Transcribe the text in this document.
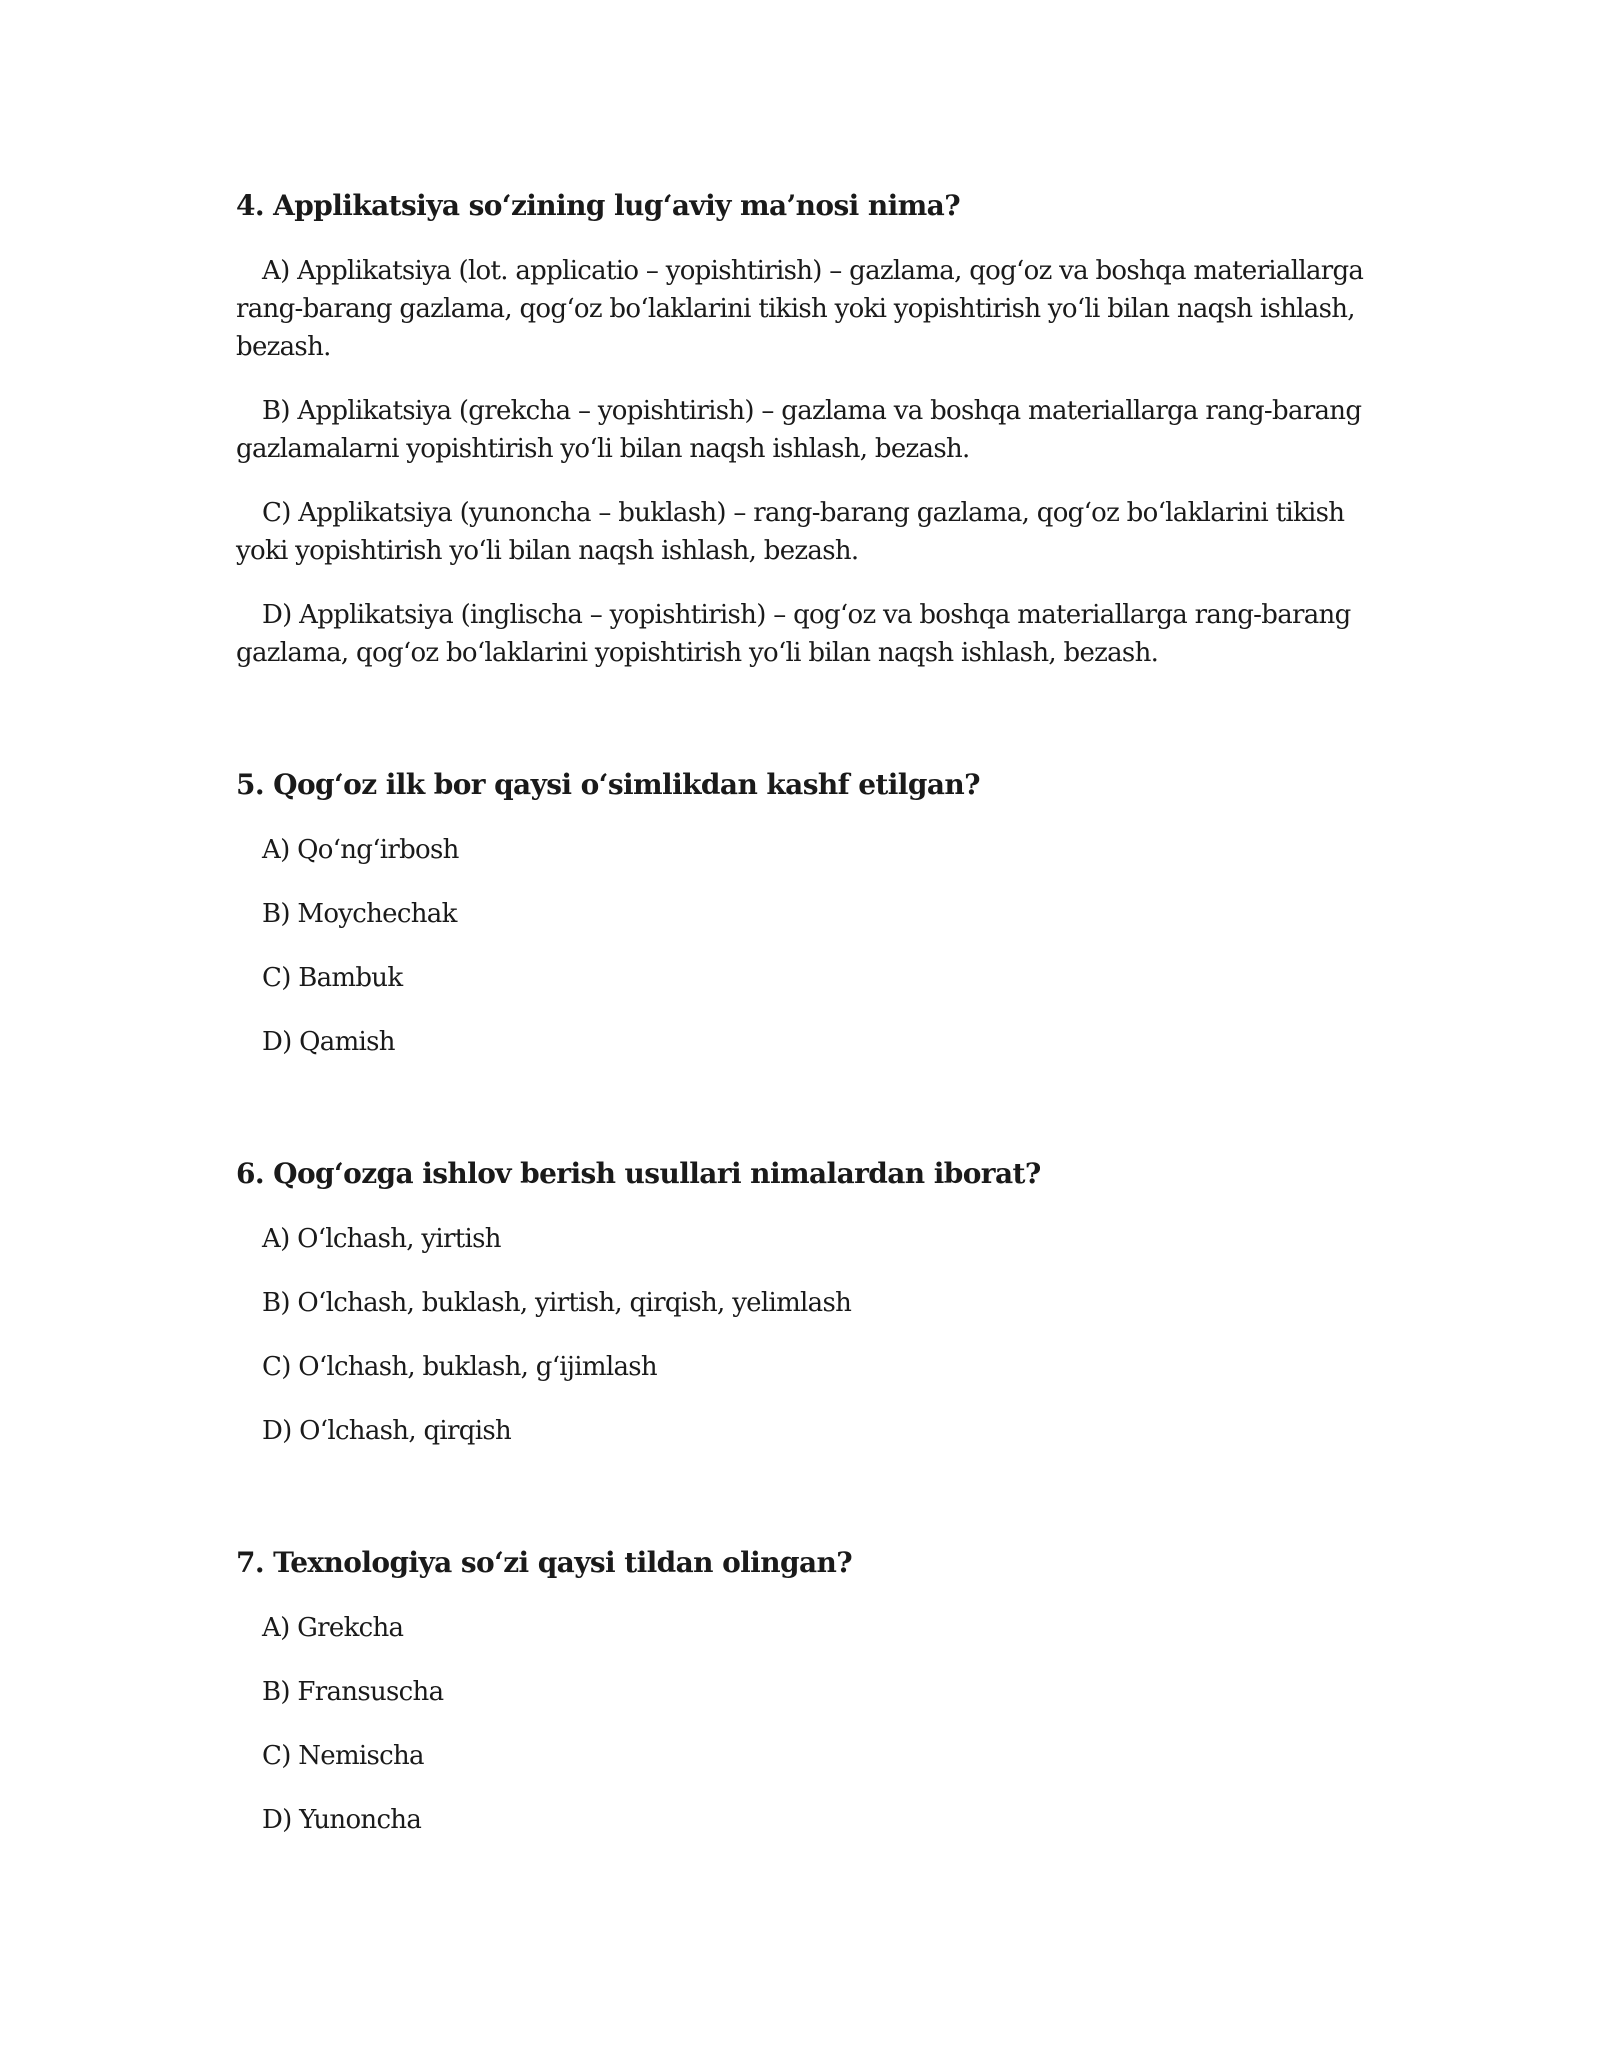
4. Applikatsiya so‘zining lug‘aviy ma’nosi nima?

A) Applikatsiya (lot. applicatio – yopishtirish) – gazlama, qog‘oz va boshqa materiallarga rang-barang gazlama, qog‘oz bo‘laklarini tikish yoki yopishtirish yo‘li bilan naqsh ishlash, bezash.

B) Applikatsiya (grekcha – yopishtirish) – gazlama va boshqa materiallarga rang-barang gazlamalarni yopishtirish yo‘li bilan naqsh ishlash, bezash.

C) Applikatsiya (yunoncha – buklash) – rang-barang gazlama, qog‘oz bo‘laklarini tikish yoki yopishtirish yo‘li bilan naqsh ishlash, bezash.

D) Applikatsiya (inglischa – yopishtirish) – qog‘oz va boshqa materiallarga rang-barang gazlama, qog‘oz bo‘laklarini yopishtirish yo‘li bilan naqsh ishlash, bezash.

5. Qog‘oz ilk bor qaysi o‘simlikdan kashf etilgan?

A) Qo‘ng‘irbosh

B) Moychechak

C) Bambuk

D) Qamish

6. Qog‘ozga ishlov berish usullari nimalardan iborat?

A) O‘lchash, yirtish

B) O‘lchash, buklash, yirtish, qirqish, yelimlash

C) O‘lchash, buklash, g‘ijimlash

D) O‘lchash, qirqish

7. Texnologiya so‘zi qaysi tildan olingan?

A) Grekcha

B) Fransuscha

C) Nemischa

D) Yunoncha
